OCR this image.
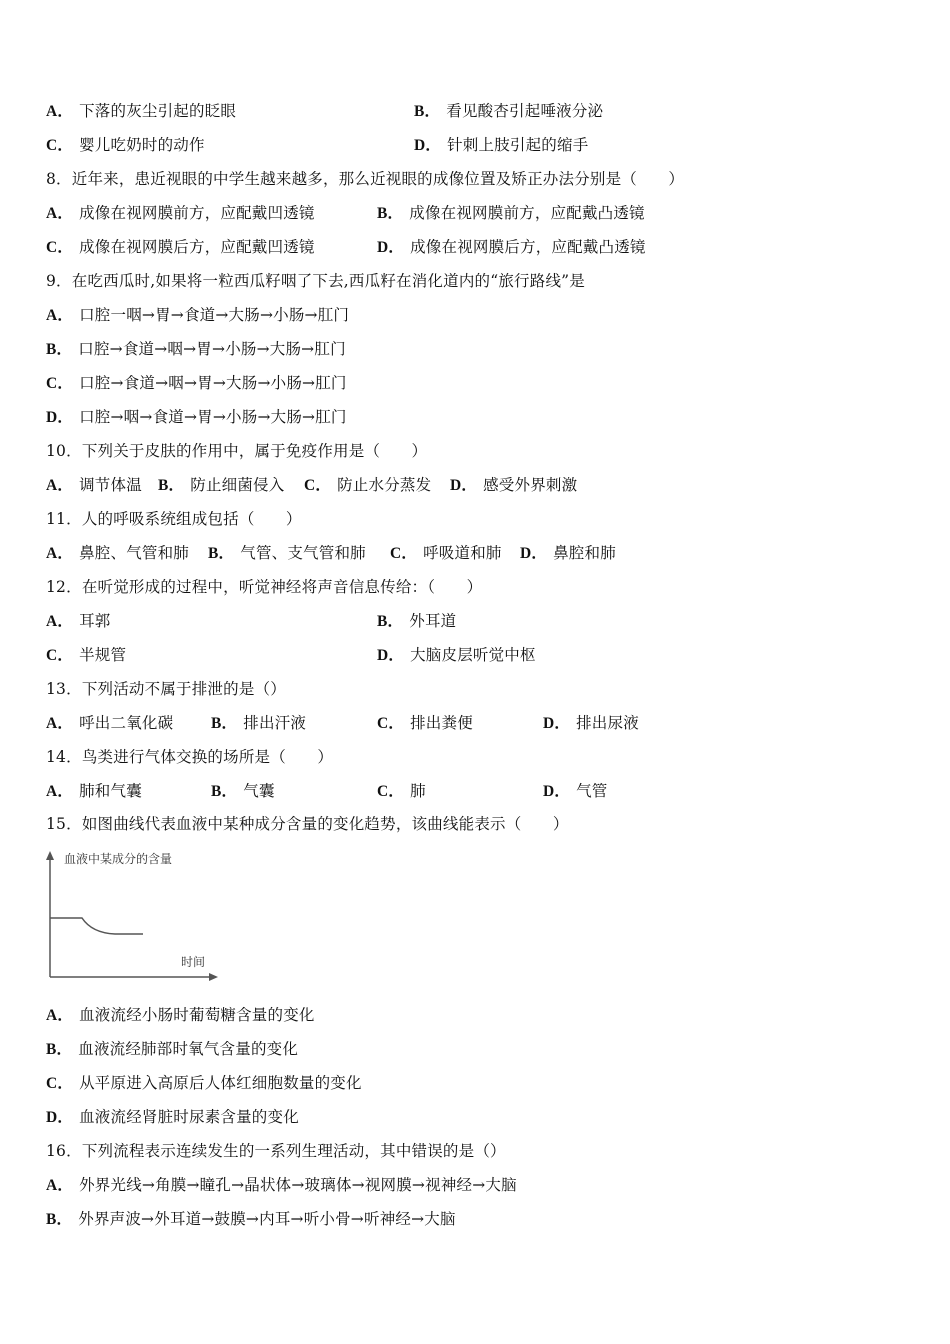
A． 下落的灰尘引起的眨眼	B． 看见酸杏引起唾液分泌
C． 婴儿吃奶时的动作	D． 针刺上肢引起的缩手
8．近年来，患近视眼的中学生越来越多，那么近视眼的成像位置及矫正办法分别是（　　）
A． 成像在视网膜前方，应配戴凹透镜	B． 成像在视网膜前方，应配戴凸透镜
C． 成像在视网膜后方，应配戴凹透镜	D． 成像在视网膜后方，应配戴凸透镜
9．在吃西瓜时,如果将一粒西瓜籽咽了下去,西瓜籽在消化道内的“旅行路线”是
A． 口腔一咽→胃→食道→大肠→小肠→肛门
B． 口腔→食道→咽→胃→小肠→大肠→肛门
C． 口腔→食道→咽→胃→大肠→小肠→肛门
D． 口腔→咽→食道→胃→小肠→大肠→肛门
10．下列关于皮肤的作用中，属于免疫作用是（　　）
A． 调节体温 B． 防止细菌侵入 C． 防止水分蒸发 D． 感受外界刺激
11．人的呼吸系统组成包括（　　）
A． 鼻腔、气管和肺 B． 气管、支气管和肺 C． 呼吸道和肺 D． 鼻腔和肺
12．在听觉形成的过程中，听觉神经将声音信息传给：（　　）
A． 耳郭	B． 外耳道
C． 半规管	D． 大脑皮层听觉中枢
13．下列活动不属于排泄的是（）
A． 呼出二氧化碳 B． 排出汗液	C． 排出粪便	D． 排出尿液
14．鸟类进行气体交换的场所是（　　）
A． 肺和气囊	B． 气囊	C． 肺	D． 气管
15．如图曲线代表血液中某种成分含量的变化趋势，该曲线能表示（　　）
血液中某成分的含量
时间
A． 血液流经小肠时葡萄糖含量的变化
B． 血液流经肺部时氧气含量的变化
C． 从平原进入高原后人体红细胞数量的变化
D． 血液流经肾脏时尿素含量的变化
16．下列流程表示连续发生的一系列生理活动，其中错误的是（）
A． 外界光线→角膜→瞳孔→晶状体→玻璃体→视网膜→视神经→大脑
B． 外界声波→外耳道→鼓膜→内耳→听小骨→听神经→大脑
